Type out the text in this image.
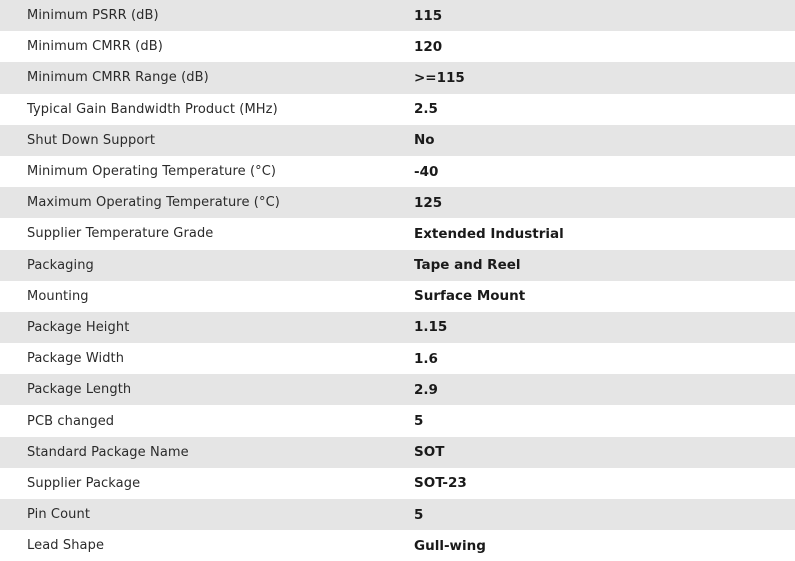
Minimum PSRR (dB)	115
Minimum CMRR (dB)	120
Minimum CMRR Range (dB)	>=115
Typical Gain Bandwidth Product (MHz)	2.5
Shut Down Support	No
Minimum Operating Temperature (°C)	-40
Maximum Operating Temperature (°C)	125
Supplier Temperature Grade	Extended Industrial
Packaging	Tape and Reel
Mounting	Surface Mount
Package Height	1.15
Package Width	1.6
Package Length	2.9
PCB changed	5
Standard Package Name	SOT
Supplier Package	SOT-23
Pin Count	5
Lead Shape	Gull-wing
